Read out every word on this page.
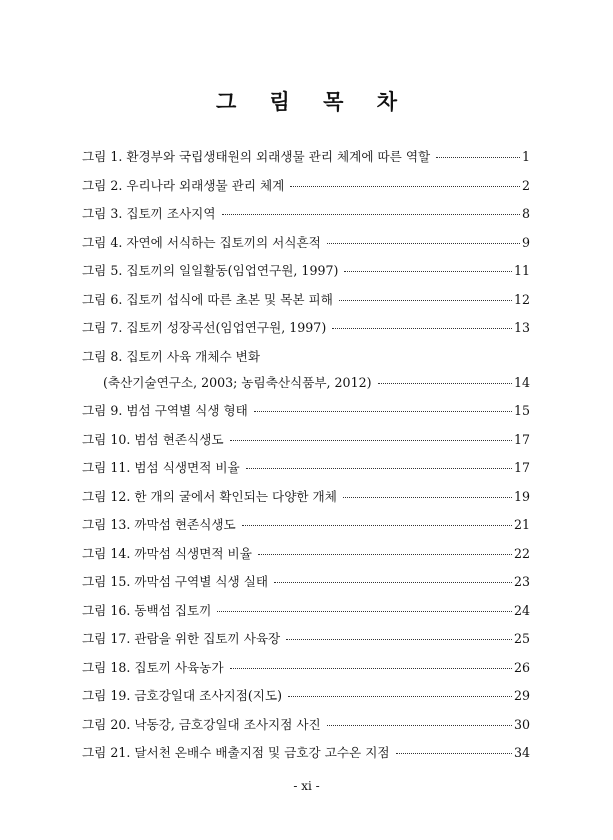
그 림 목 차
그림 1. 환경부와 국립생태원의 외래생물 관리 체계에 따른 역할	1
그림 2. 우리나라 외래생물 관리 체계	2
그림 3. 집토끼 조사지역	8
그림 4. 자연에 서식하는 집토끼의 서식흔적	9
그림 5. 집토끼의 일일활동(임업연구원, 1997)	11
그림 6. 집토끼 섭식에 따른 초본 및 목본 피해	12
그림 7. 집토끼 성장곡선(임업연구원, 1997)	13
그림 8. 집토끼 사육 개체수 변화
(축산기술연구소, 2003; 농림축산식품부, 2012)	14
그림 9. 범섬 구역별 식생 형태	15
그림 10. 범섬 현존식생도	17
그림 11. 범섬 식생면적 비율	17
그림 12. 한 개의 굴에서 확인되는 다양한 개체	19
그림 13. 까막섬 현존식생도	21
그림 14. 까막섬 식생면적 비율	22
그림 15. 까막섬 구역별 식생 실태	23
그림 16. 동백섬 집토끼	24
그림 17. 관람을 위한 집토끼 사육장	25
그림 18. 집토끼 사육농가	26
그림 19. 금호강일대 조사지점(지도)	29
그림 20. 낙동강, 금호강일대 조사지점 사진	30
그림 21. 달서천 온배수 배출지점 및 금호강 고수온 지점	34
- xi -
